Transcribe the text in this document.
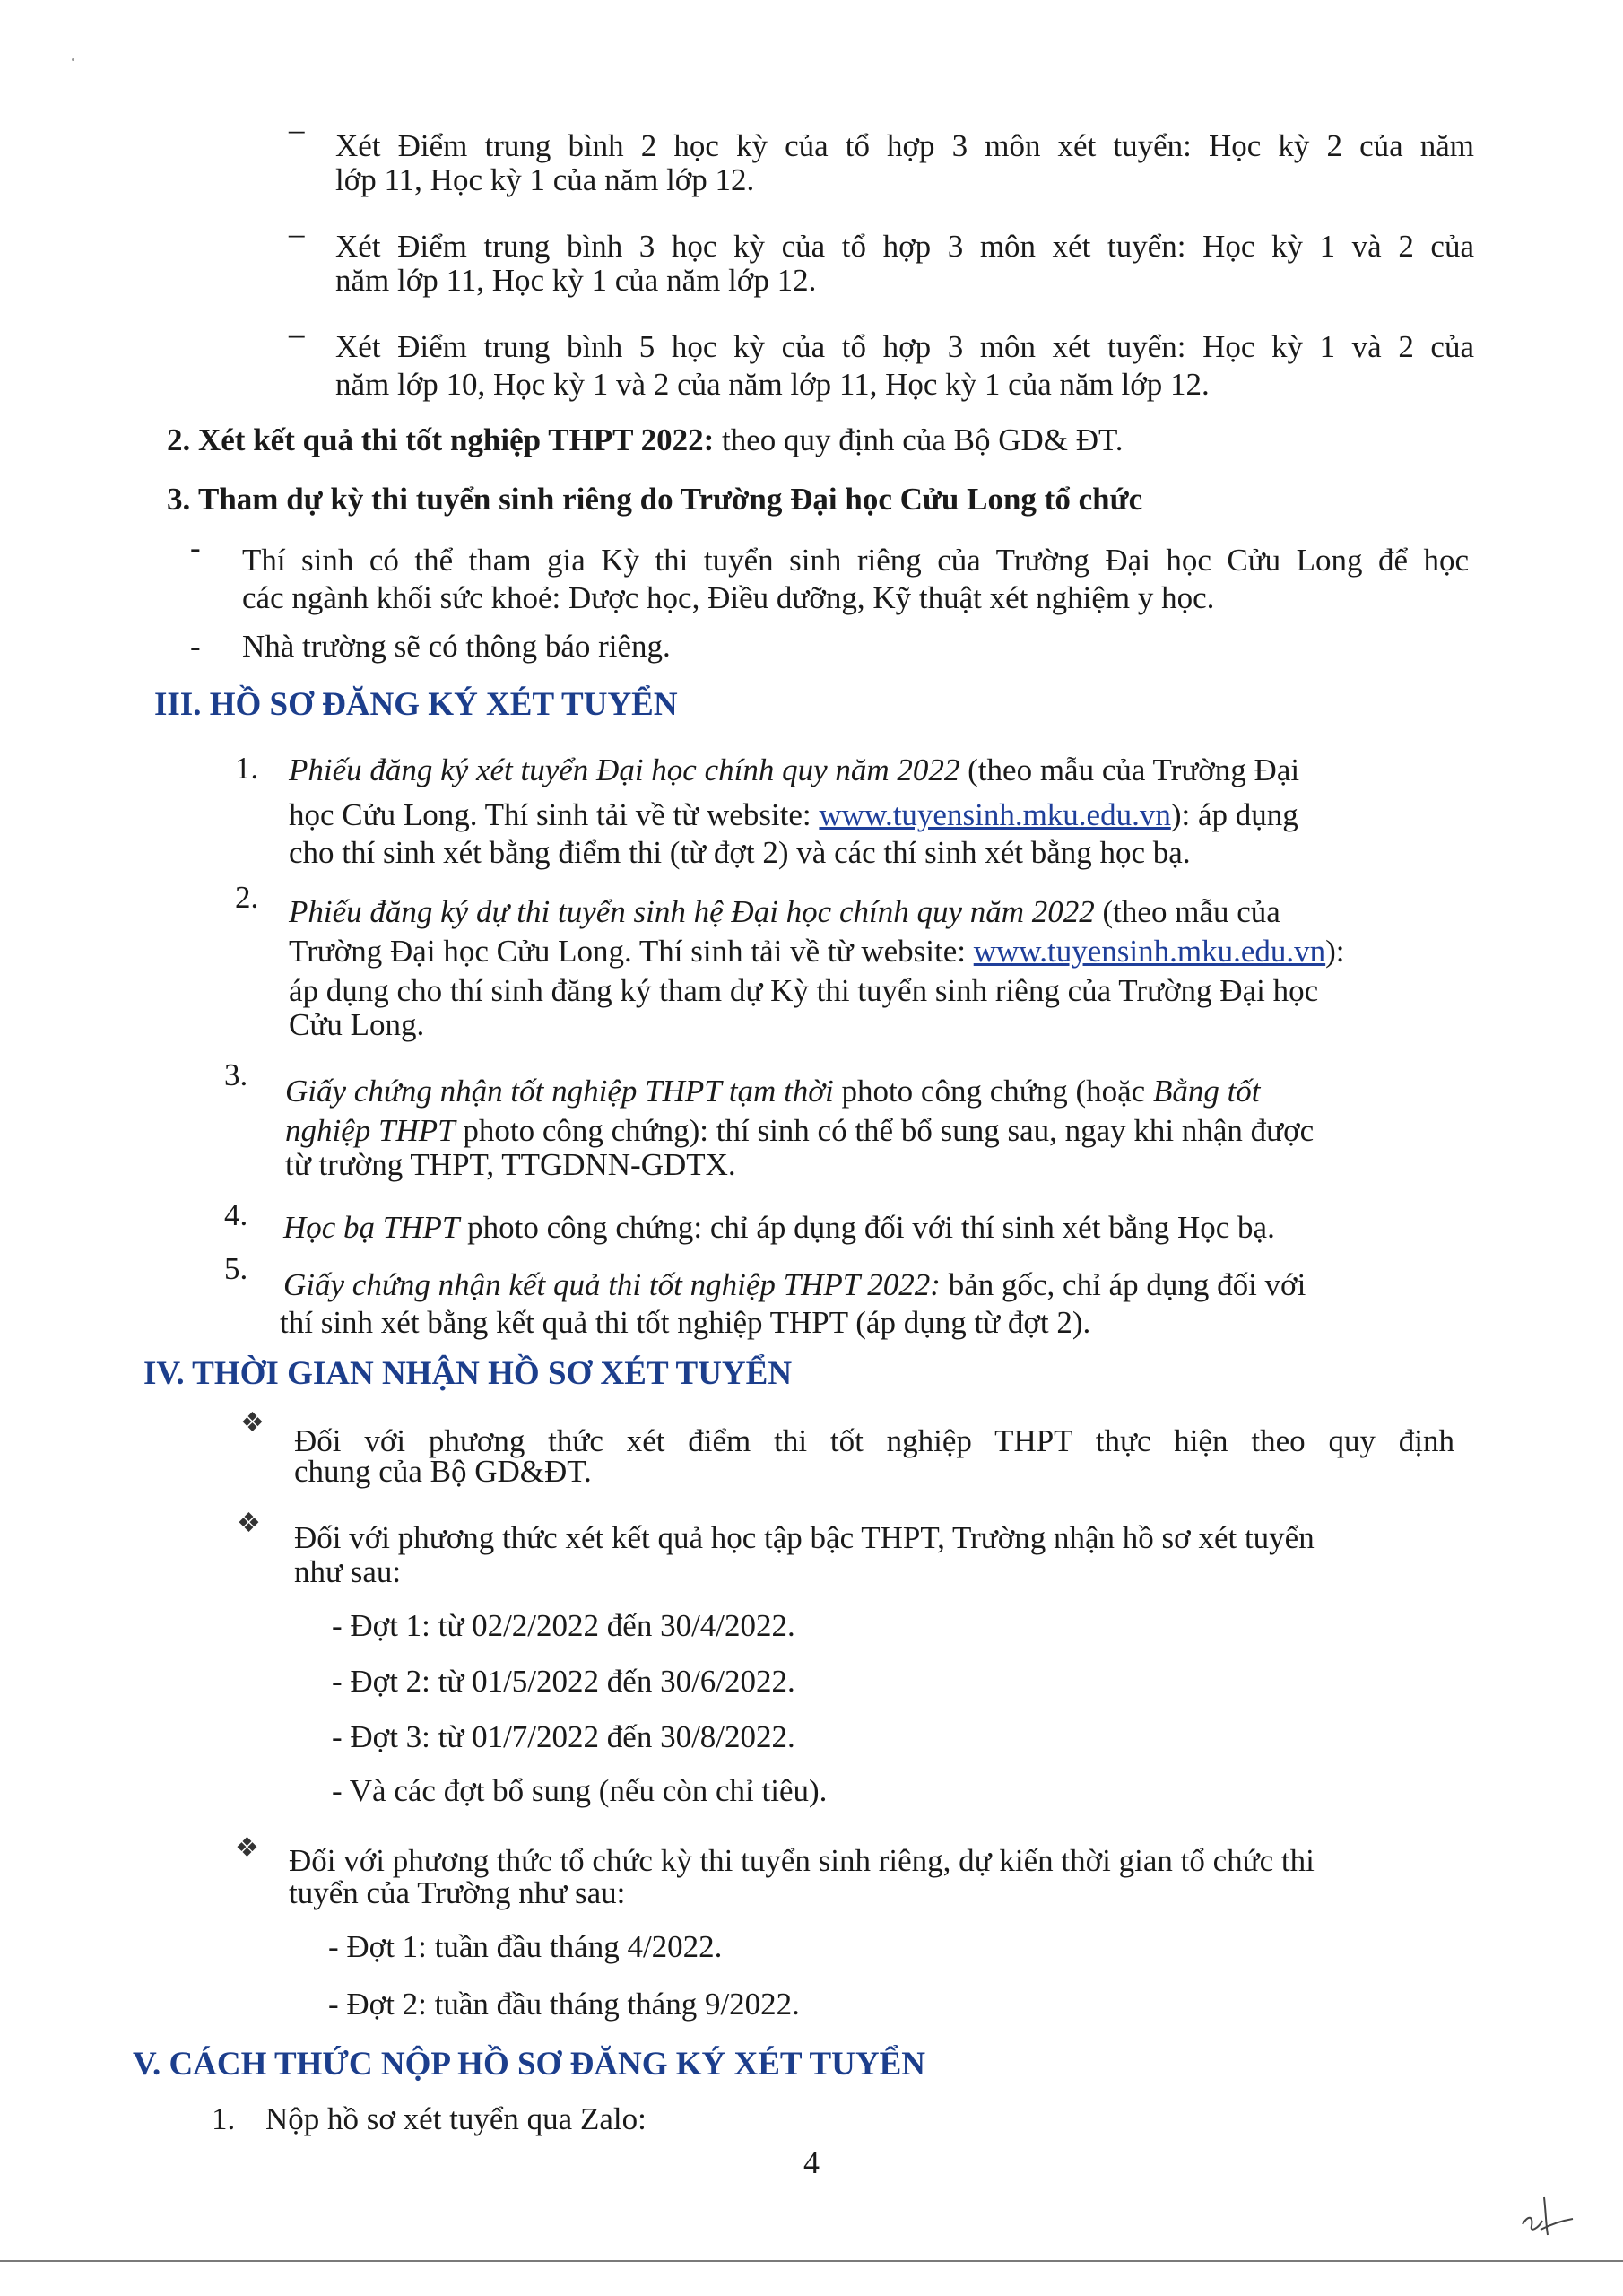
– Xét Điểm trung bình 2 học kỳ của tổ hợp 3 môn xét tuyển: Học kỳ 2 của năm
lớp 11, Học kỳ 1 của năm lớp 12.
– Xét Điểm trung bình 3 học kỳ của tổ hợp 3 môn xét tuyển: Học kỳ 1 và 2 của
năm lớp 11, Học kỳ 1 của năm lớp 12.
– Xét Điểm trung bình 5 học kỳ của tổ hợp 3 môn xét tuyển: Học kỳ 1 và 2 của
năm lớp 10, Học kỳ 1 và 2 của năm lớp 11, Học kỳ 1 của năm lớp 12.
2. Xét kết quả thi tốt nghiệp THPT 2022: theo quy định của Bộ GD& ĐT.
3. Tham dự kỳ thi tuyển sinh riêng do Trường Đại học Cửu Long tổ chức
- Thí sinh có thể tham gia Kỳ thi tuyển sinh riêng của Trường Đại học Cửu Long để học
các ngành khối sức khoẻ: Dược học, Điều dưỡng, Kỹ thuật xét nghiệm y học.
- Nhà trường sẽ có thông báo riêng.
III. HỒ SƠ ĐĂNG KÝ XÉT TUYỂN
1. Phiếu đăng ký xét tuyển Đại học chính quy năm 2022 (theo mẫu của Trường Đại
học Cửu Long. Thí sinh tải về từ website: www.tuyensinh.mku.edu.vn): áp dụng
cho thí sinh xét bằng điểm thi (từ đợt 2) và các thí sinh xét bằng học bạ.
2. Phiếu đăng ký dự thi tuyển sinh hệ Đại học chính quy năm 2022 (theo mẫu của
Trường Đại học Cửu Long. Thí sinh tải về từ website: www.tuyensinh.mku.edu.vn):
áp dụng cho thí sinh đăng ký tham dự Kỳ thi tuyển sinh riêng của Trường Đại học
Cửu Long.
3. Giấy chứng nhận tốt nghiệp THPT tạm thời photo công chứng (hoặc Bằng tốt
nghiệp THPT photo công chứng): thí sinh có thể bổ sung sau, ngay khi nhận được
từ trường THPT, TTGDNN-GDTX.
4. Học bạ THPT photo công chứng: chỉ áp dụng đối với thí sinh xét bằng Học bạ.
5. Giấy chứng nhận kết quả thi tốt nghiệp THPT 2022: bản gốc, chỉ áp dụng đối với
thí sinh xét bằng kết quả thi tốt nghiệp THPT (áp dụng từ đợt 2).
IV. THỜI GIAN NHẬN HỒ SƠ XÉT TUYỂN
❖
Đối với phương thức xét điểm thi tốt nghiệp THPT thực hiện theo quy định
chung của Bộ GD&ĐT.
❖ Đối với phương thức xét kết quả học tập bậc THPT, Trường nhận hồ sơ xét tuyển
như sau:
- Đợt 1: từ 02/2/2022 đến 30/4/2022.
- Đợt 2: từ 01/5/2022 đến 30/6/2022.
- Đợt 3: từ 01/7/2022 đến 30/8/2022.
- Và các đợt bổ sung (nếu còn chỉ tiêu).
❖ Đối với phương thức tổ chức kỳ thi tuyển sinh riêng, dự kiến thời gian tổ chức thi
tuyển của Trường như sau:
- Đợt 1: tuần đầu tháng 4/2022.
- Đợt 2: tuần đầu tháng tháng 9/2022.
V. CÁCH THỨC NỘP HỒ SƠ ĐĂNG KÝ XÉT TUYỂN
1. Nộp hồ sơ xét tuyển qua Zalo:
4
